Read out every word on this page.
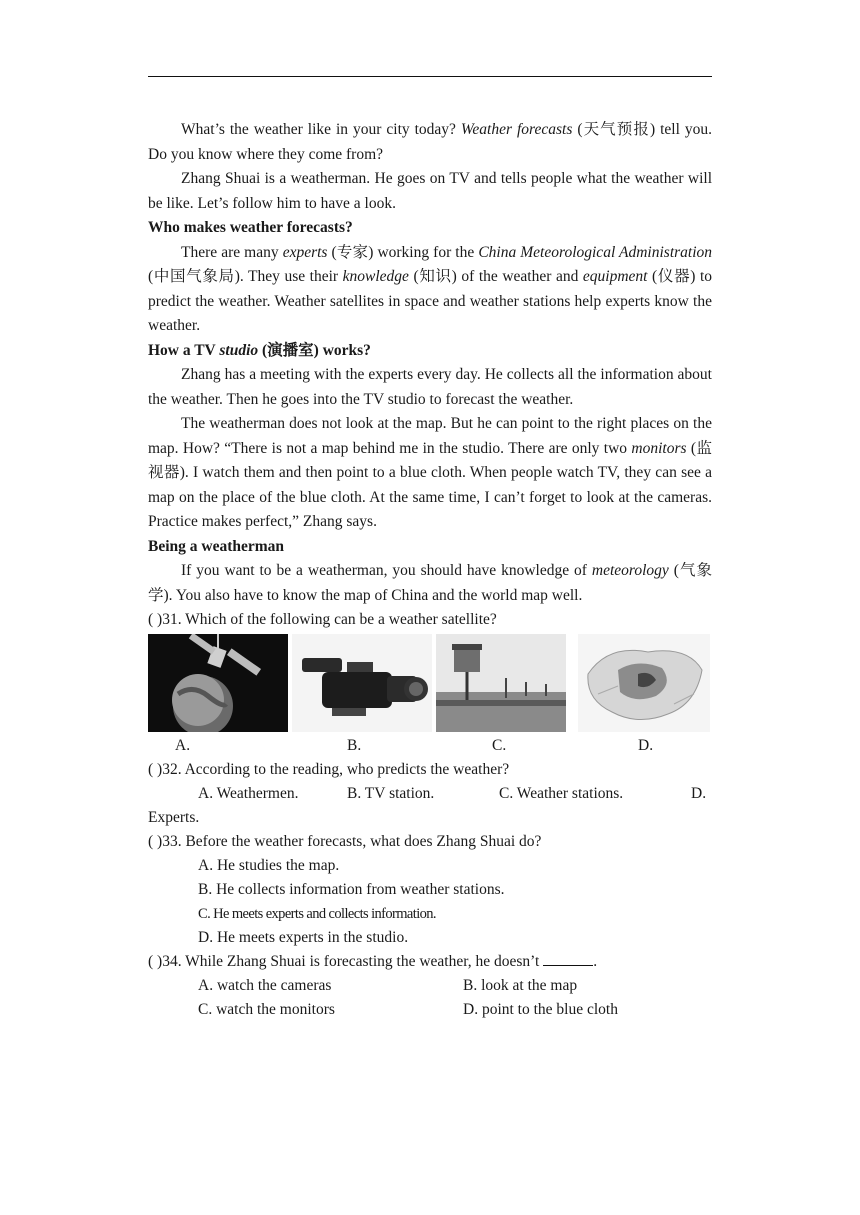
What’s the weather like in your city today? Weather forecasts (天气预报) tell you. Do you know where they come from?

Zhang Shuai is a weatherman. He goes on TV and tells people what the weather will be like. Let’s follow him to have a look.

Who makes weather forecasts?

There are many experts (专家) working for the China Meteorological Administration (中国气象局). They use their knowledge (知识) of the weather and equipment (仪器) to predict the weather. Weather satellites in space and weather stations help experts know the weather.

How a TV studio (演播室) works?

Zhang has a meeting with the experts every day. He collects all the information about the weather. Then he goes into the TV studio to forecast the weather.

The weatherman does not look at the map. But he can point to the right places on the map. How? “There is not a map behind me in the studio. There are only two monitors (监视器). I watch them and then point to a blue cloth. When people watch TV, they can see a map on the place of the blue cloth. At the same time, I can’t forget to look at the cameras. Practice makes perfect,” Zhang says.

Being a weatherman

If you want to be a weatherman, you should have knowledge of meteorology (气象学). You also have to know the map of China and the world map well.

( )31. Which of the following can be a weather satellite?
A.	B.	C.	D.
( )32. According to the reading, who predicts the weather?
A. Weathermen.	B. TV station.	C. Weather stations.	D.
Experts.
( )33. Before the weather forecasts, what does Zhang Shuai do?
A. He studies the map.
B. He collects information from weather stations.
C. He meets experts and collects information.
D. He meets experts in the studio.
( )34. While Zhang Shuai is forecasting the weather, he doesn’t	.
A. watch the cameras	B. look at the map
C. watch the monitors	D. point to the blue cloth
